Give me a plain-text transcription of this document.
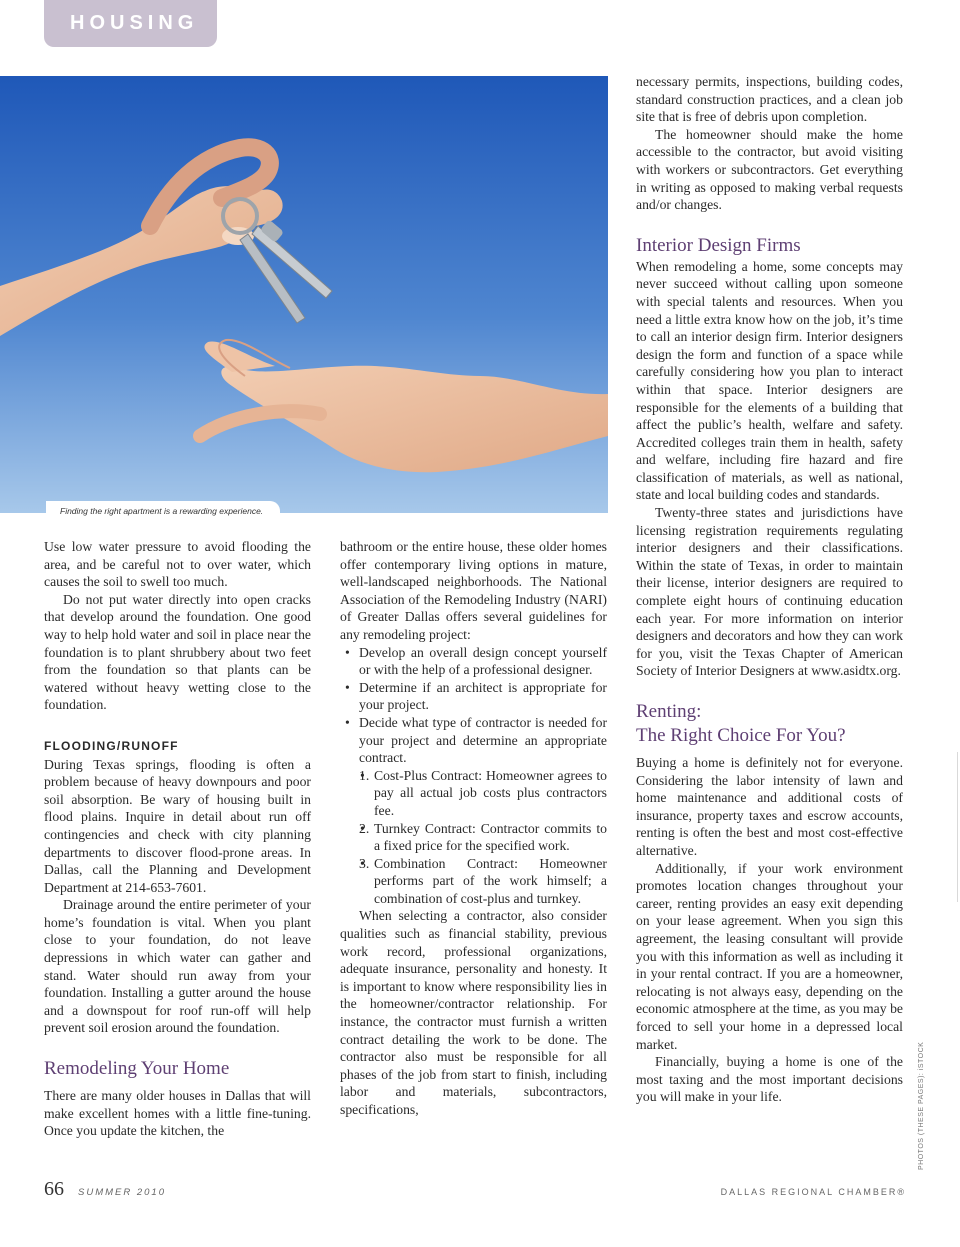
HOUSING
Finding the right apartment is a rewarding experience.

Use low water pressure to avoid flooding the area, and be careful not to over water, which causes the soil to swell too much.

Do not put water directly into open cracks that develop around the foundation. One good way to help hold water and soil in place near the foundation is to plant shrubbery about two feet from the foundation so that plants can be watered without heavy wetting close to the foundation.

FLOODING/RUNOFF

During Texas springs, flooding is often a problem because of heavy downpours and poor soil absorption. Be wary of housing built in flood plains. Inquire in detail about run off contingencies and check with city planning departments to discover flood-prone areas. In Dallas, call the Planning and Development Department at 214-653-7601.

Drainage around the entire perimeter of your home’s foundation is vital. When you plant close to your foundation, do not leave depressions in which water can gather and stand. Water should run away from your foundation. Installing a gutter around the house and a downspout for roof run-off will help prevent soil erosion around the foundation.

Remodeling Your Home

There are many older houses in Dallas that will make excellent homes with a little fine-tuning. Once you update the kitchen, the

bathroom or the entire house, these older homes offer contemporary living options in mature, well-landscaped neighborhoods. The National Association of the Remodeling Industry (NARI) of Greater Dallas offers several guidelines for any remodeling project:

• Develop an overall design concept yourself or with the help of a professional designer.
• Determine if an architect is appropriate for your project.
• Decide what type of contractor is needed for your project and determine an appropriate contract.
• 1. Cost-Plus Contract: Homeowner agrees to pay all actual job costs plus contractors fee.
• 2. Turnkey Contract: Contractor commits to a fixed price for the specified work.
• 3. Combination Contract: Homeowner performs part of the work himself; a combination of cost-plus and turnkey.

When selecting a contractor, also consider qualities such as financial stability, previous work record, professional organizations, adequate insurance, personality and honesty. It is important to know where responsibility lies in the homeowner/contractor relationship. For instance, the contractor must furnish a written contract detailing the work to be done. The contractor also must be responsible for all phases of the job from start to finish, including labor and materials, subcontractors, specifications,

necessary permits, inspections, building codes, standard construction practices, and a clean job site that is free of debris upon completion.

The homeowner should make the home accessible to the contractor, but avoid visiting with workers or subcontractors. Get everything in writing as opposed to making verbal requests and/or changes.

Interior Design Firms

When remodeling a home, some concepts may never succeed without calling upon someone with special talents and resources. When you need a little extra know how on the job, it’s time to call an interior design firm. Interior designers design the form and function of a space while carefully considering how you plan to interact within that space. Interior designers are responsible for the elements of a building that affect the public’s health, welfare and safety. Accredited colleges train them in health, safety and welfare, including fire hazard and fire classification of materials, as well as national, state and local building codes and standards.

Twenty-three states and jurisdictions have licensing registration requirements regulating interior designers and their classifications. Within the state of Texas, in order to maintain their license, interior designers are required to complete eight hours of continuing education each year. For more information on interior designers and decorators and how they can work for you, visit the Texas Chapter of American Society of Interior Designers at www.asidtx.org.

Renting:
The Right Choice For You?

Buying a home is definitely not for everyone. Considering the labor intensity of lawn and home maintenance and additional costs of insurance, property taxes and escrow accounts, renting is often the best and most cost-effective alternative.

Additionally, if your work environment promotes location changes throughout your career, renting provides an easy exit depending on your lease agreement. When you sign this agreement, the leasing consultant will provide you with this information as well as including it in your rental contract. If you are a homeowner, relocating is not always easy, depending on the economic atmosphere at the time, as you may be forced to sell your home in a depressed local market.

Financially, buying a home is one of the most taxing and the most important decisions you will make in your life.	PHOTOS (THESE PAGES): iSTOCK
66 SUMMER 2010	DALLAS REGIONAL CHAMBER®
